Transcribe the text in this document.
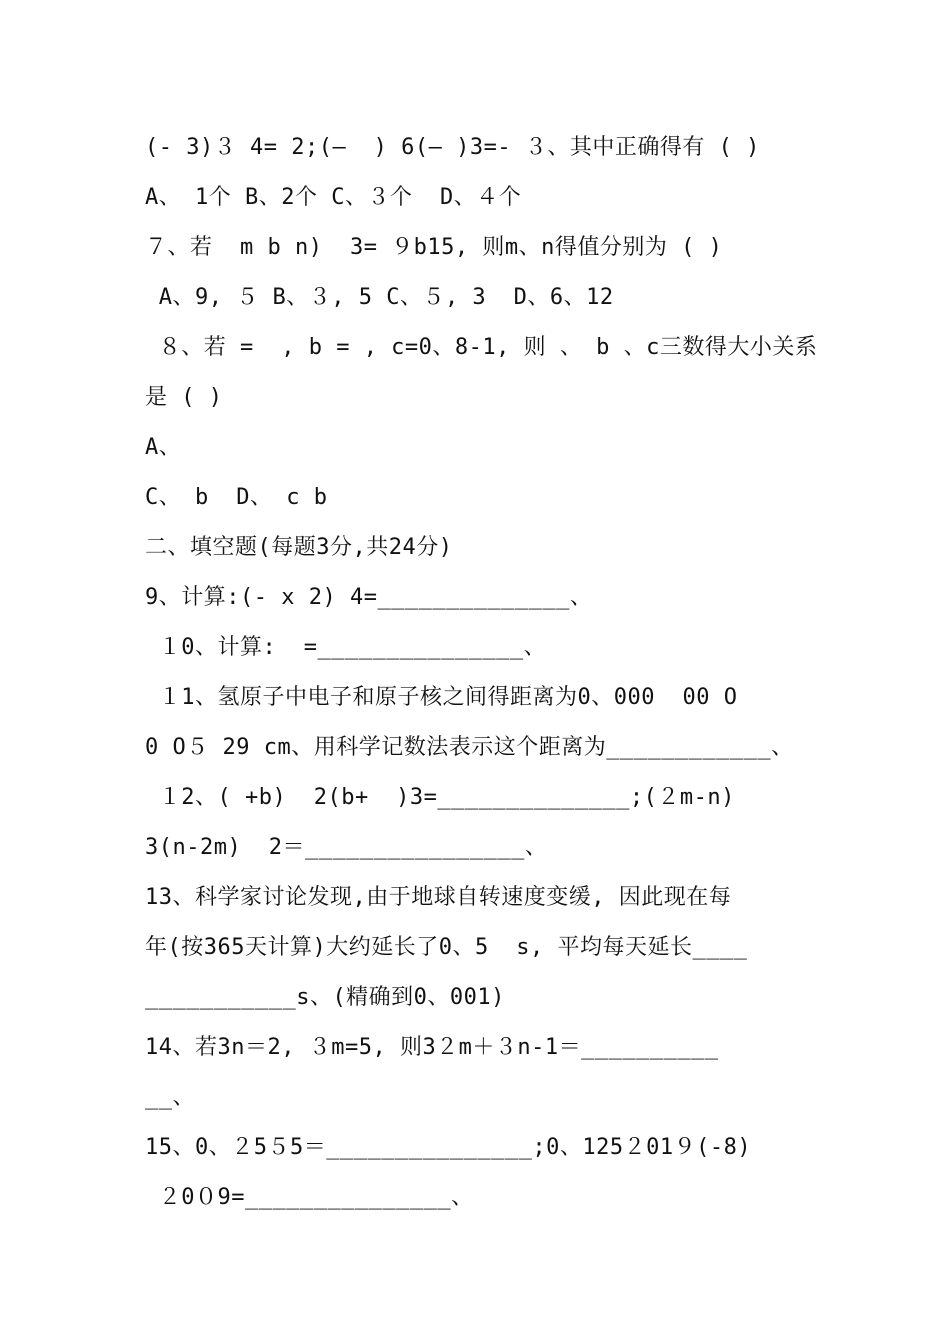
(- 3)３ 4= 2;(—  ) 6(— )3=- ３、其中正确得有 ( )
A、 1个 B、2个 C、３个  D、４个
７、若  m b n)  3= ９b15, 则m、n得值分别为 ( )
A、9, ５ B、３, 5 C、５, 3  D、6、12
８、若 =  , b = , c=0、8-1, 则 、 b 、c三数得大小关系
是 ( )
A、
C、 b  D、 c b
二、填空题(每题3分,共24分)
9、计算:(- x 2) 4=______________、
１0、计算:  =_______________、
１1、氢原子中电子和原子核之间得距离为0、000  00 O
0 O５ 29 cm、用科学记数法表示这个距离为____________、
１2、( +b)  2(b+  )3=______________;(２m-n)
3(n-2m)  2＝________________、
13、科学家讨论发现,由于地球自转速度变缓, 因此现在每
年(按365天计算)大约延长了0、5  s, 平均每天延长____
___________s、(精确到0、001)
14、若3n＝2, ３m=5, 则3２m＋３n-1＝__________
__、
15、0、２5５5＝_______________;0、125２01９(-8)
２0０9=_______________、
